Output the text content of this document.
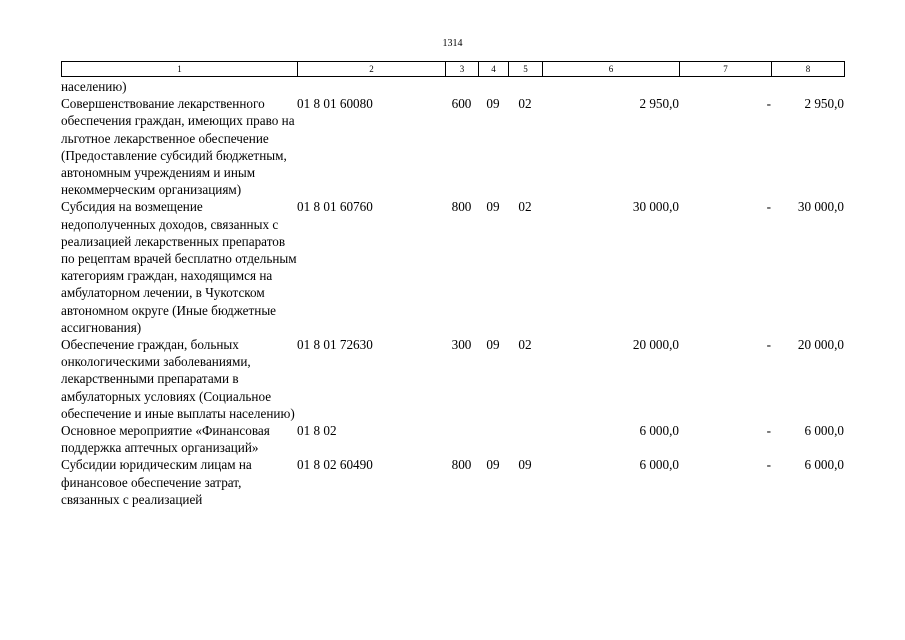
1314
1	2	3	4	5	6	7	8
населению)							
Совершенствование лекарственного обеспечения граждан, имеющих право на льготное лекарственное обеспечение (Предоставление субсидий бюджетным, автономным учреждениям и иным некоммерческим организациям)	01 8 01 60080	600	09	02	2 950,0	-	2 950,0
Субсидия на возмещение недополученных доходов, связанных с реализацией лекарственных препаратов по рецептам врачей бесплатно отдельным категориям граждан, находящимся на амбулаторном лечении, в Чукотском автономном округе (Иные бюджетные ассигнования)	01 8 01 60760	800	09	02	30 000,0	-	30 000,0
Обеспечение граждан, больных онкологическими заболеваниями, лекарственными препаратами в амбулаторных условиях (Социальное обеспечение и иные выплаты населению)	01 8 01 72630	300	09	02	20 000,0	-	20 000,0
Основное мероприятие «Финансовая поддержка аптечных организаций»	01 8 02				6 000,0	-	6 000,0
Субсидии юридическим лицам на финансовое обеспечение затрат, связанных с реализацией	01 8 02 60490	800	09	09	6 000,0	-	6 000,0
